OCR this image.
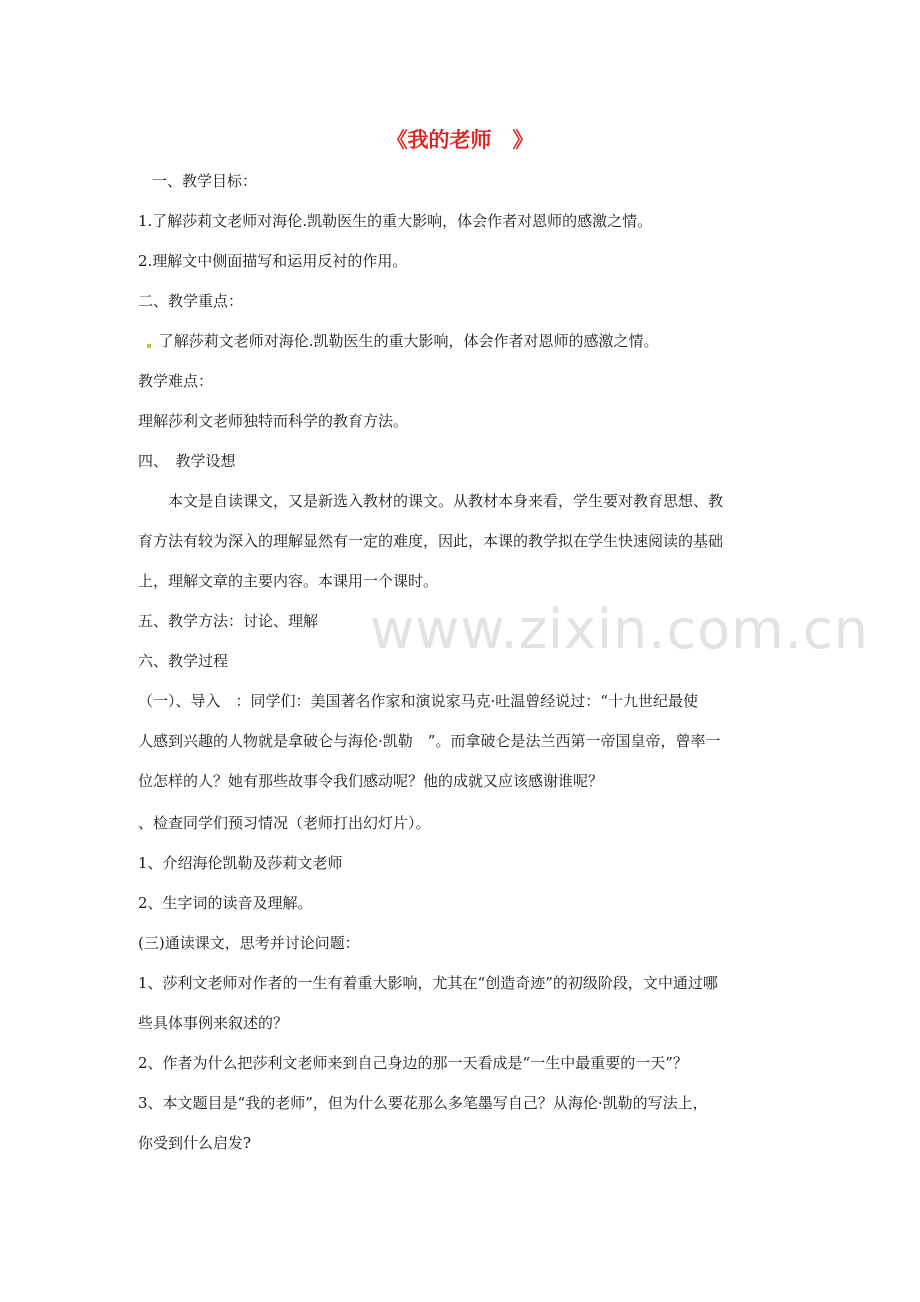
《我的老师　》
www.zixin.com.cn
一、教学目标：
1.了解莎莉文老师对海伦.凯勒医生的重大影响，体会作者对恩师的感激之情。
2.理解文中侧面描写和运用反衬的作用。
二、教学重点：
了解莎莉文老师对海伦.凯勒医生的重大影响，体会作者对恩师的感激之情。
教学难点：
理解莎利文老师独特而科学的教育方法。
四、　教学设想
　　本文是自读课文，又是新选入教材的课文。从教材本身来看，学生要对教育思想、教
育方法有较为深入的理解显然有一定的难度，因此，本课的教学拟在学生快速阅读的基础
上，理解文章的主要内容。本课用一个课时。
五、教学方法：讨论、理解
六、教学过程
（一）、导入　：同学们：美国著名作家和演说家马克·吐温曾经说过：“十九世纪最使
人感到兴趣的人物就是拿破仑与海伦·凯勒　”。而拿破仑是法兰西第一帝国皇帝，曾率一
位怎样的人？她有那些故事令我们感动呢？他的成就又应该感谢谁呢？
、检查同学们预习情况（老师打出幻灯片）。
1、介绍海伦凯勒及莎莉文老师
2、生字词的读音及理解。
(三)通读课文，思考并讨论问题：
1、莎利文老师对作者的一生有着重大影响，尤其在“创造奇迹”的初级阶段，文中通过哪
些具体事例来叙述的？
2、作者为什么把莎利文老师来到自己身边的那一天看成是“一生中最重要的一天”？
3、本文题目是“我的老师”，但为什么要花那么多笔墨写自己？从海伦·凯勒的写法上，
你受到什么启发?
